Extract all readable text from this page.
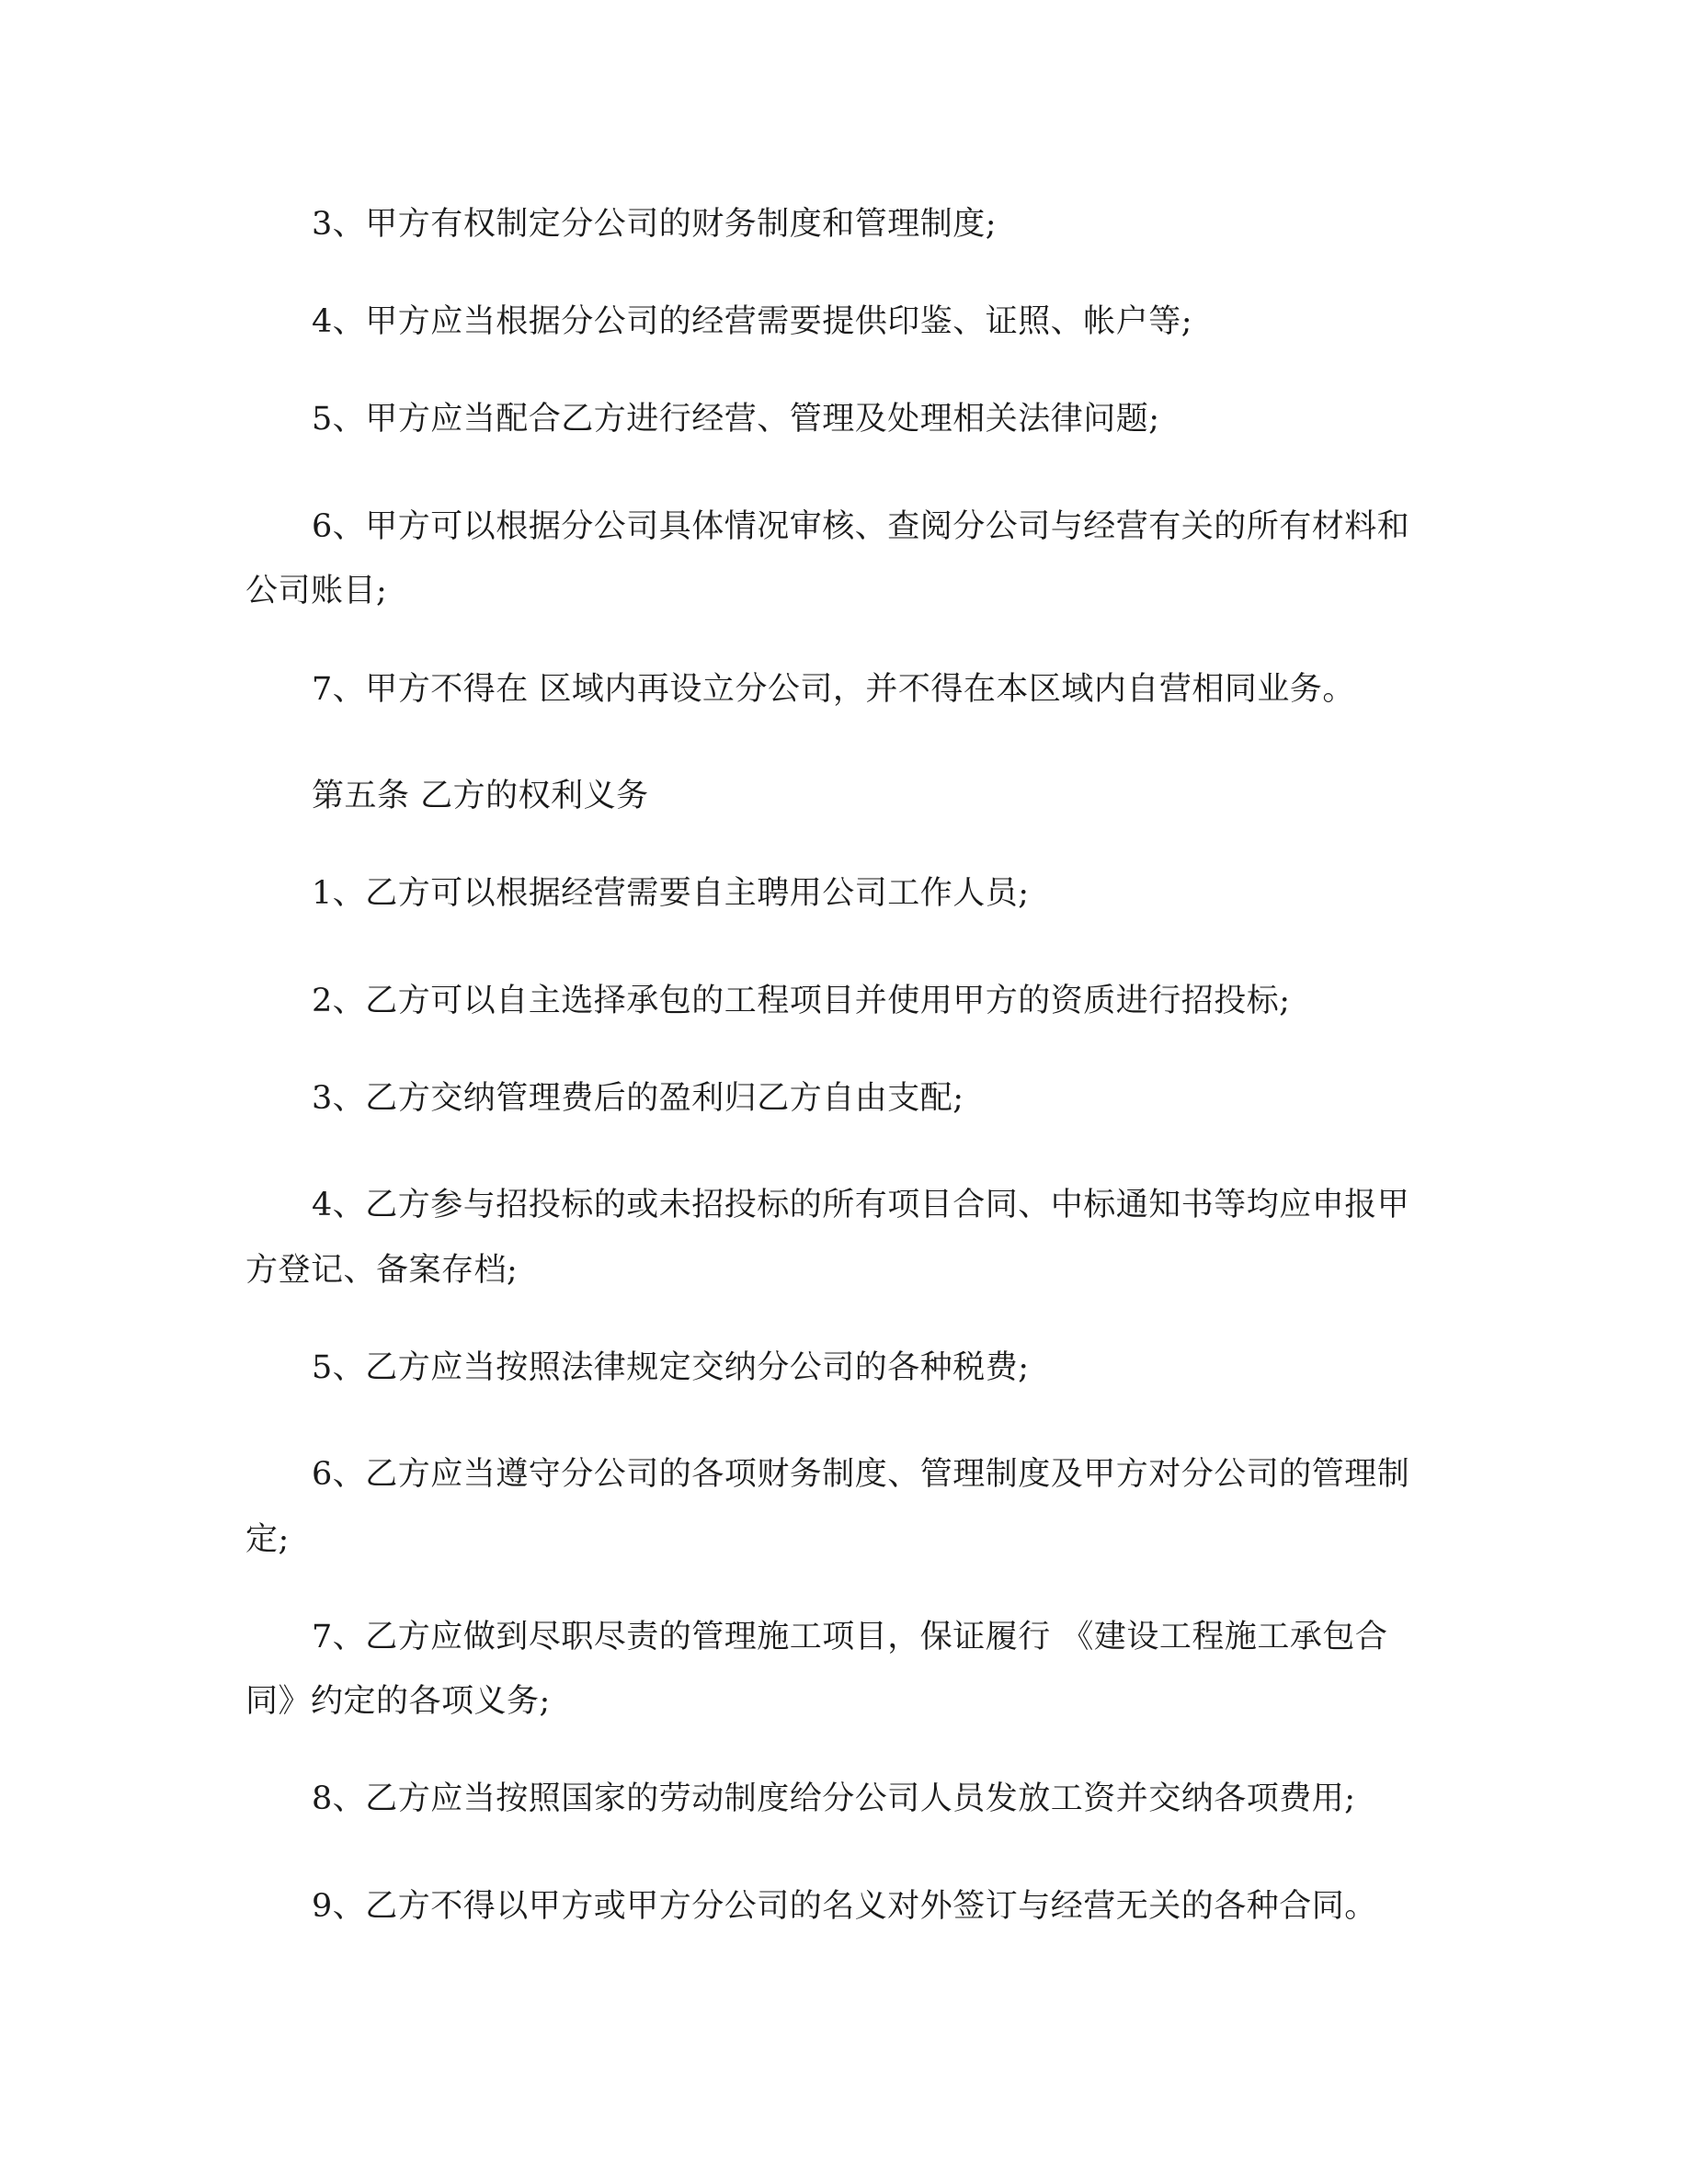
3、甲方有权制定分公司的财务制度和管理制度;

4、甲方应当根据分公司的经营需要提供印鉴、证照、帐户等;

5、甲方应当配合乙方进行经营、管理及处理相关法律问题;

6、甲方可以根据分公司具体情况审核、查阅分公司与经营有关的所有材料和

公司账目;

7、甲方不得在 区域内再设立分公司，并不得在本区域内自营相同业务。

第五条 乙方的权利义务

1、乙方可以根据经营需要自主聘用公司工作人员;

2、乙方可以自主选择承包的工程项目并使用甲方的资质进行招投标;

3、乙方交纳管理费后的盈利归乙方自由支配;

4、乙方参与招投标的或未招投标的所有项目合同、中标通知书等均应申报甲

方登记、备案存档;

5、乙方应当按照法律规定交纳分公司的各种税费;

6、乙方应当遵守分公司的各项财务制度、管理制度及甲方对分公司的管理制

定;

7、乙方应做到尽职尽责的管理施工项目，保证履行 《建设工程施工承包合

同》约定的各项义务;

8、乙方应当按照国家的劳动制度给分公司人员发放工资并交纳各项费用;

9、乙方不得以甲方或甲方分公司的名义对外签订与经营无关的各种合同。
